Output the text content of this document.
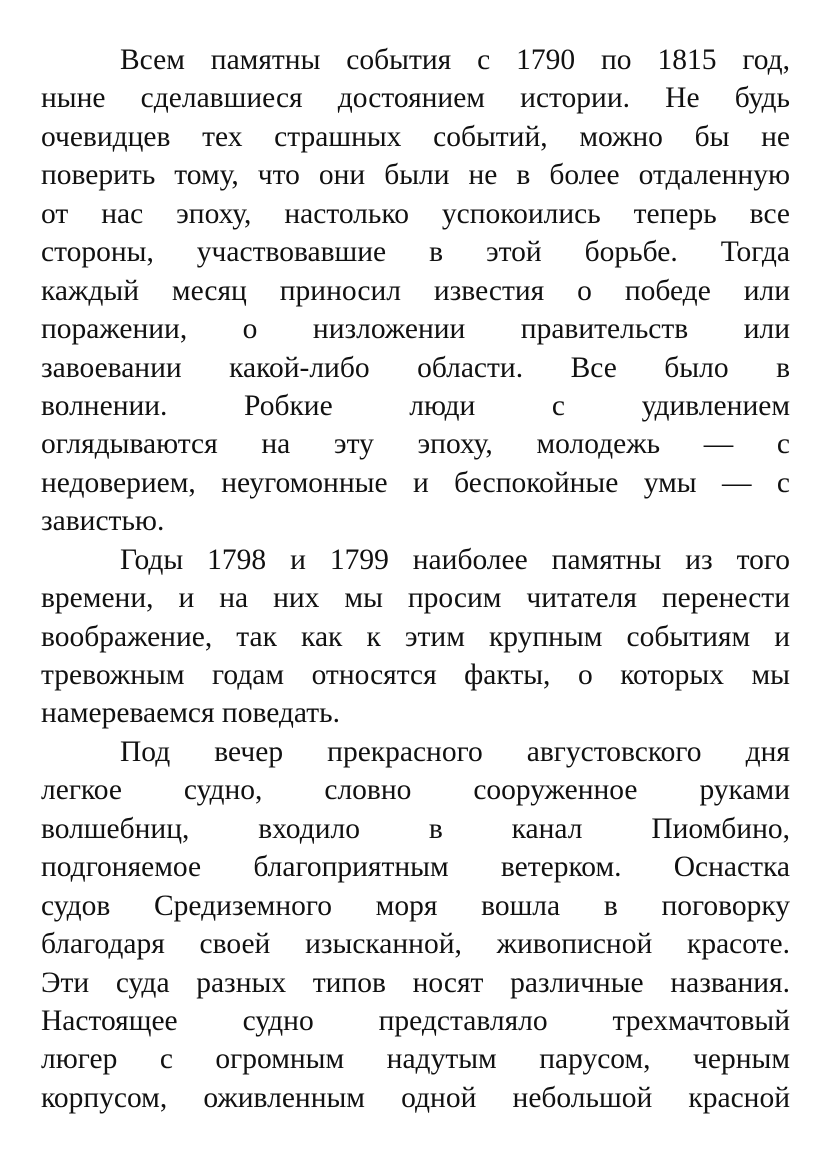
Всем памятны события с 1790 по 1815 год,
ныне сделавшиеся достоянием истории. Не будь
очевидцев тех страшных событий, можно бы не
поверить тому, что они были не в более отдаленную
от нас эпоху, настолько успокоились теперь все
стороны, участвовавшие в этой борьбе. Тогда
каждый месяц приносил известия о победе или
поражении, о низложении правительств или
завоевании какой-либо области. Все было в
волнении. Робкие люди с удивлением
оглядываются на эту эпоху, молодежь — с
недоверием, неугомонные и беспокойные умы — с
завистью.
Годы 1798 и 1799 наиболее памятны из того
времени, и на них мы просим читателя перенести
воображение, так как к этим крупным событиям и
тревожным годам относятся факты, о которых мы
намереваемся поведать.
Под вечер прекрасного августовского дня
легкое судно, словно сооруженное руками
волшебниц, входило в канал Пиомбино,
подгоняемое благоприятным ветерком. Оснастка
судов Средиземного моря вошла в поговорку
благодаря своей изысканной, живописной красоте.
Эти суда разных типов носят различные названия.
Настоящее судно представляло трехмачтовый
люгер с огромным надутым парусом, черным
корпусом, оживленным одной небольшой красной
